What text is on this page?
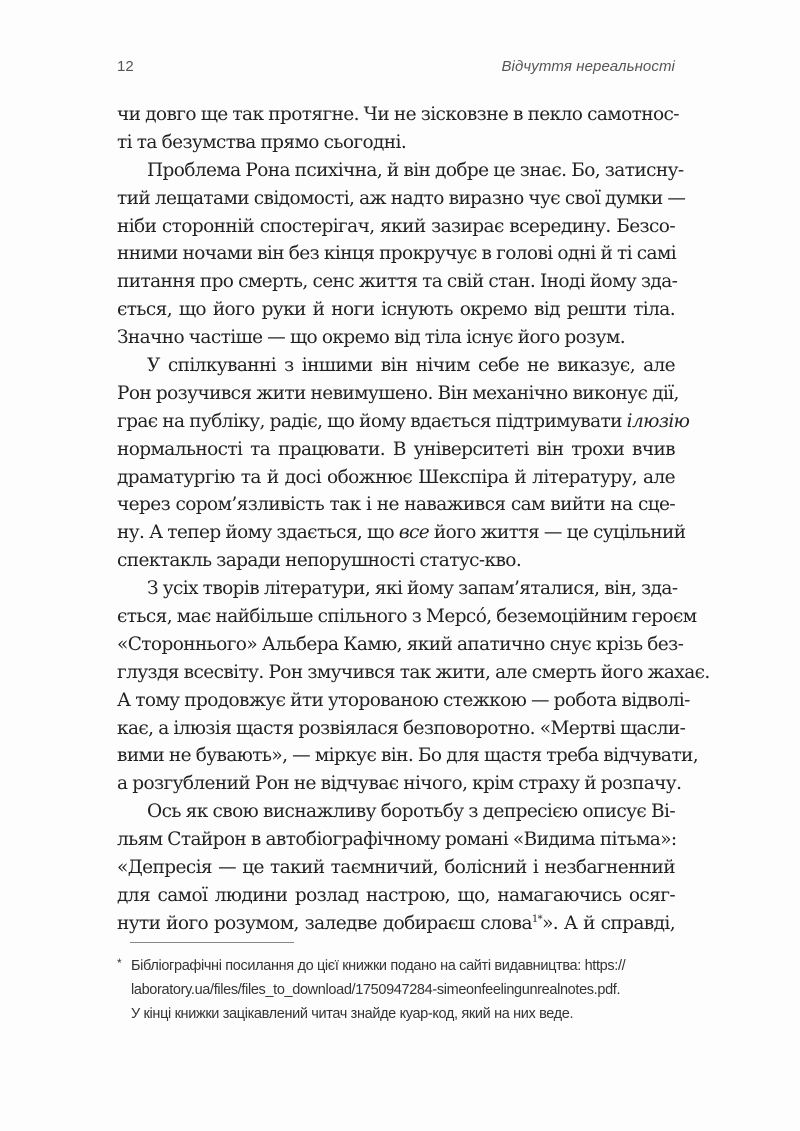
12	Відчуття нереальності
чи довго ще так протягне. Чи не зісковзне в пекло самотнос-
ті та безумства прямо сьогодні.
Проблема Рона психічна, й він добре це знає. Бо, затисну-
тий лещатами свідомості, аж надто виразно чує свої думки —
ніби сторонній спостерігач, який зазирає всередину. Безсо-
нними ночами він без кінця прокручує в голові одні й ті самі
питання про смерть, сенс життя та свій стан. Іноді йому зда-
ється, що його руки й ноги існують окремо від решти тіла.
Значно частіше — що окремо від тіла існує його розум.
У спілкуванні з іншими він нічим себе не виказує, але
Рон розучився жити невимушено. Він механічно виконує дії,
грає на публіку, радіє, що йому вдається підтримувати ілюзію
нормальності та працювати. В університеті він трохи вчив
драматургію та й досі обожнює Шекспіра й літературу, але
через сором’язливість так і не наважився сам вийти на сце-
ну. А тепер йому здається, що все його життя — це суцільний
спектакль заради непорушності статус-кво.
З усіх творів літератури, які йому запам’яталися, він, зда-
ється, має найбільше спільного з Мерсó, беземоційним героєм
«Стороннього» Альбера Камю, який апатично снує крізь без-
глуздя всесвіту. Рон змучився так жити, але смерть його жахає.
А тому продовжує йти уторованою стежкою — робота відволі-
кає, а ілюзія щастя розвіялася безповоротно. «Мертві щасли-
вими не бувають», — міркує він. Бо для щастя треба відчувати,
а розгублений Рон не відчуває нічого, крім страху й розпачу.
Ось як свою виснажливу боротьбу з депресією описує Ві-
льям Стайрон в автобіографічному романі «Видима пітьма»:
«Депресія — це такий таємничий, болісний і незбагненний
для самої людини розлад настрою, що, намагаючись осяг-
нути його розумом, заледве добираєш слова$^{1*}$». А й справді,
* Бібліографічні посилання до цієї книжки подано на сайті видавництва: https://
laboratory.ua/files/files_to_download/1750947284-simeonfeelingunrealnotes.pdf.
У кінці книжки зацікавлений читач знайде куар-код, який на них веде.
